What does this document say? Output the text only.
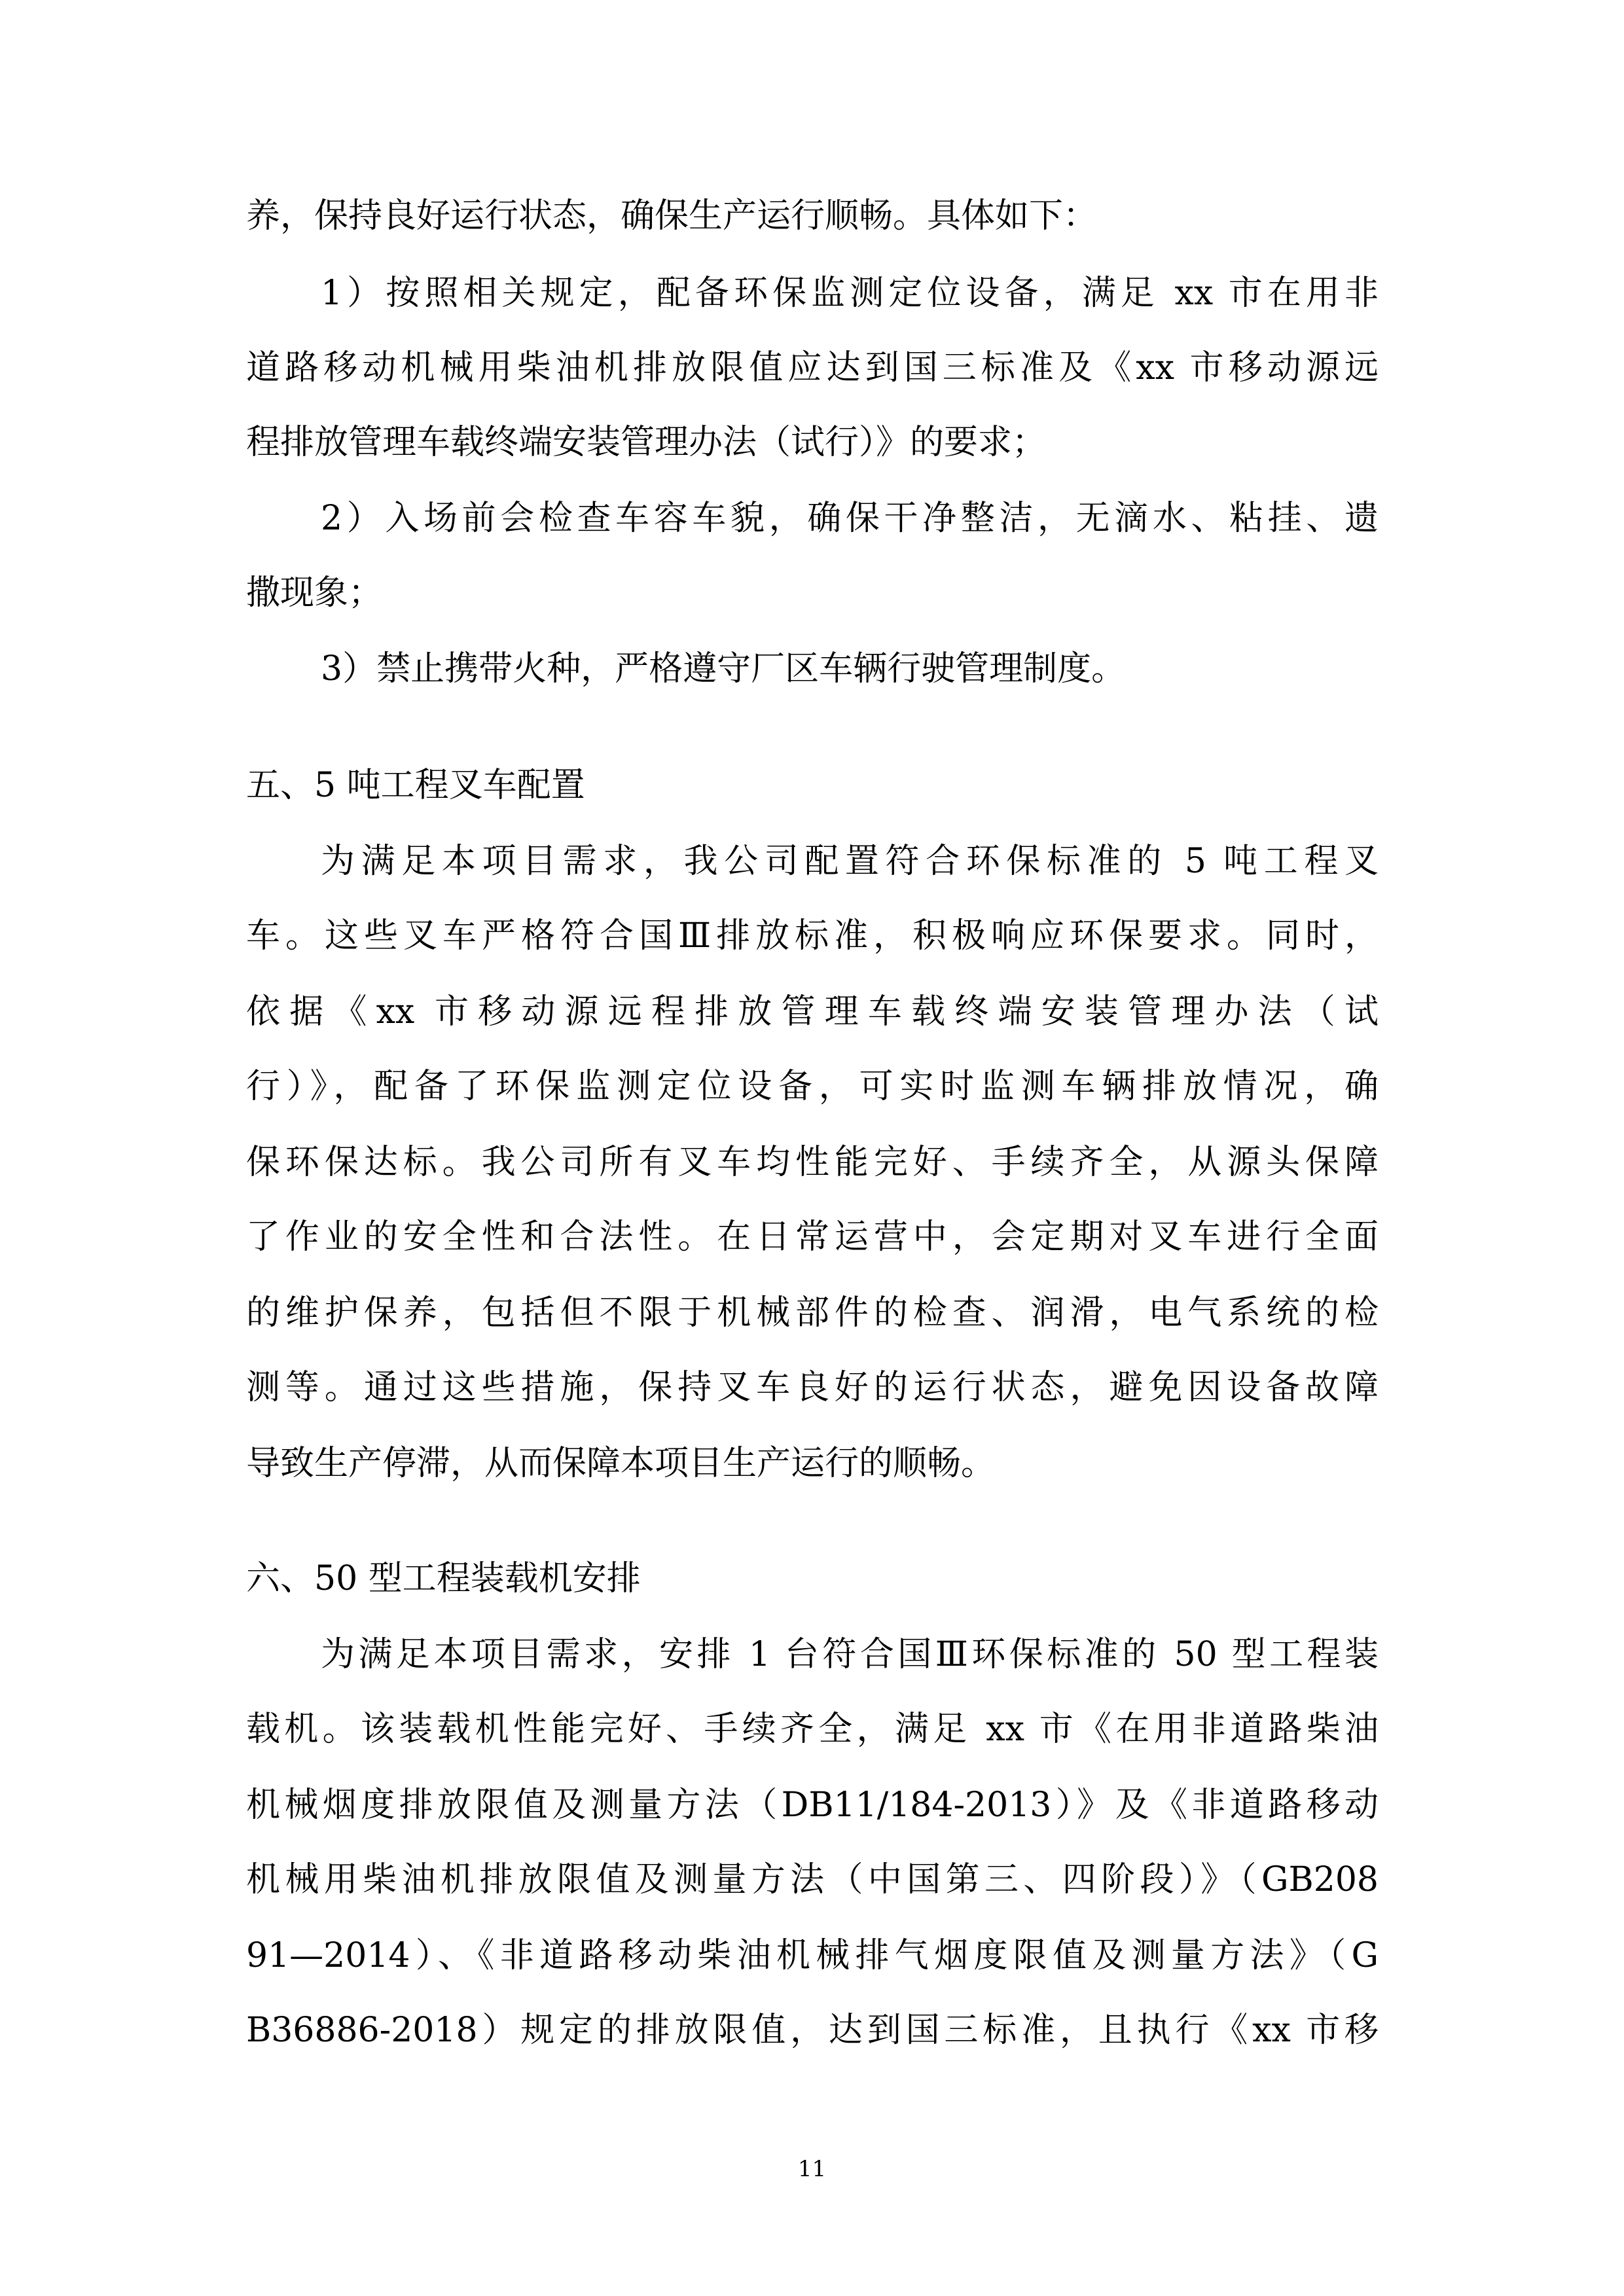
养，保持良好运行状态，确保生产运行顺畅。具体如下：
1）按照相关规定，配备环保监测定位设备，满足 xx 市在用非
道路移动机械用柴油机排放限值应达到国三标准及《xx 市移动源远
程排放管理车载终端安装管理办法（试行）》的要求；
2）入场前会检查车容车貌，确保干净整洁，无滴水、粘挂、遗
撒现象；
3）禁止携带火种，严格遵守厂区车辆行驶管理制度。
五、5 吨工程叉车配置
为满足本项目需求，我公司配置符合环保标准的 5 吨工程叉
车。这些叉车严格符合国Ⅲ排放标准，积极响应环保要求。同时，
依据《xx 市移动源远程排放管理车载终端安装管理办法（试
行）》，配备了环保监测定位设备，可实时监测车辆排放情况，确
保环保达标。我公司所有叉车均性能完好、手续齐全，从源头保障
了作业的安全性和合法性。在日常运营中，会定期对叉车进行全面
的维护保养，包括但不限于机械部件的检查、润滑，电气系统的检
测等。通过这些措施，保持叉车良好的运行状态，避免因设备故障
导致生产停滞，从而保障本项目生产运行的顺畅。
六、50 型工程装载机安排
为满足本项目需求，安排 1 台符合国Ⅲ环保标准的 50 型工程装
载机。该装载机性能完好、手续齐全，满足 xx 市《在用非道路柴油
机械烟度排放限值及测量方法（DB11/184-2013）》及《非道路移动
机械用柴油机排放限值及测量方法（中国第三、四阶段）》（GB208
91—2014）、《非道路移动柴油机械排气烟度限值及测量方法》（G
B36886-2018）规定的排放限值，达到国三标准，且执行《xx 市移
11
